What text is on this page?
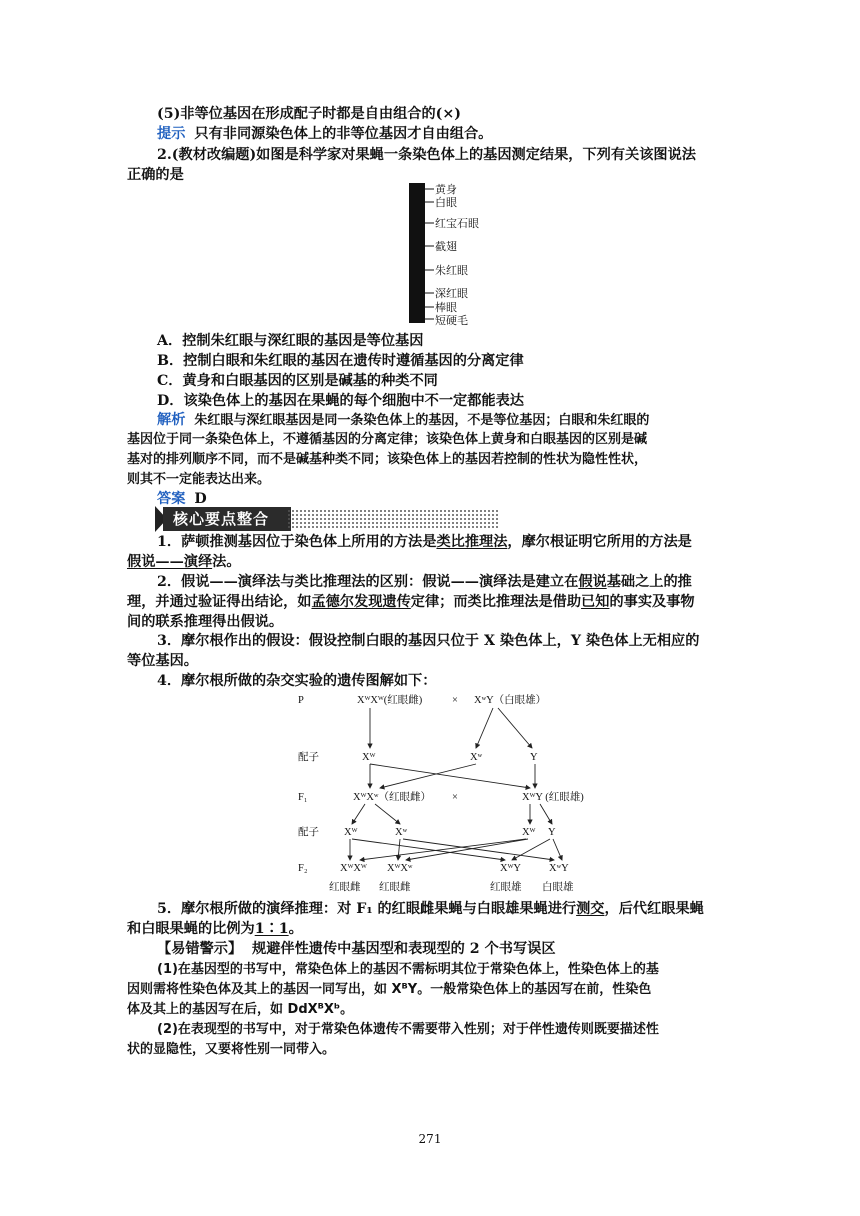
(5)非等位基因在形成配子时都是自由组合的(×)
提示 只有非同源染色体上的非等位基因才自由组合。
2.(教材改编题)如图是科学家对果蝇一条染色体上的基因测定结果，下列有关该图说法
正确的是
黄身
白眼
红宝石眼
截翅
朱红眼
深红眼
棒眼
短硬毛
A．控制朱红眼与深红眼的基因是等位基因
B．控制白眼和朱红眼的基因在遗传时遵循基因的分离定律
C．黄身和白眼基因的区别是碱基的种类不同
D．该染色体上的基因在果蝇的每个细胞中不一定都能表达
解析 朱红眼与深红眼基因是同一条染色体上的基因，不是等位基因；白眼和朱红眼的
基因位于同一条染色体上，不遵循基因的分离定律；该染色体上黄身和白眼基因的区别是碱
基对的排列顺序不同，而不是碱基种类不同；该染色体上的基因若控制的性状为隐性性状，
则其不一定能表达出来。
答案 D
核心要点整合
1．萨顿推测基因位于染色体上所用的方法是类比推理法，摩尔根证明它所用的方法是
假说——演绎法。
2．假说——演绎法与类比推理法的区别：假说——演绎法是建立在假说基础之上的推
理，并通过验证得出结论，如孟德尔发现遗传定律；而类比推理法是借助已知的事实及事物
间的联系推理得出假说。
3．摩尔根作出的假设：假设控制白眼的基因只位于 X 染色体上，Y 染色体上无相应的
等位基因。
4．摩尔根所做的杂交实验的遗传图解如下：
P	XᵂXᵂ(红眼雌)	× XʷY（白眼雄）
配子	Xᵂ	Xʷ	Y
F₁	XᵂXʷ（红眼雌） ×	XᵂY (红眼雄)
配子 Xᵂ	Xʷ	Xᵂ Y
F₂	XᵂXᵂ XᵂXʷ	XᵂY	XʷY
红眼雌 红眼雌	红眼雄 白眼雄
5．摩尔根所做的演绎推理：对 F₁ 的红眼雌果蝇与白眼雄果蝇进行测交，后代红眼果蝇
和白眼果蝇的比例为1∶1。
【易错警示】 规避伴性遗传中基因型和表现型的 2 个书写误区
(1)在基因型的书写中，常染色体上的基因不需标明其位于常染色体上，性染色体上的基
因则需将性染色体及其上的基因一同写出，如 XᴮY。一般常染色体上的基因写在前，性染色
体及其上的基因写在后，如 DdXᴮXᵇ。
(2)在表现型的书写中，对于常染色体遗传不需要带入性别；对于伴性遗传则既要描述性
状的显隐性，又要将性别一同带入。
271
